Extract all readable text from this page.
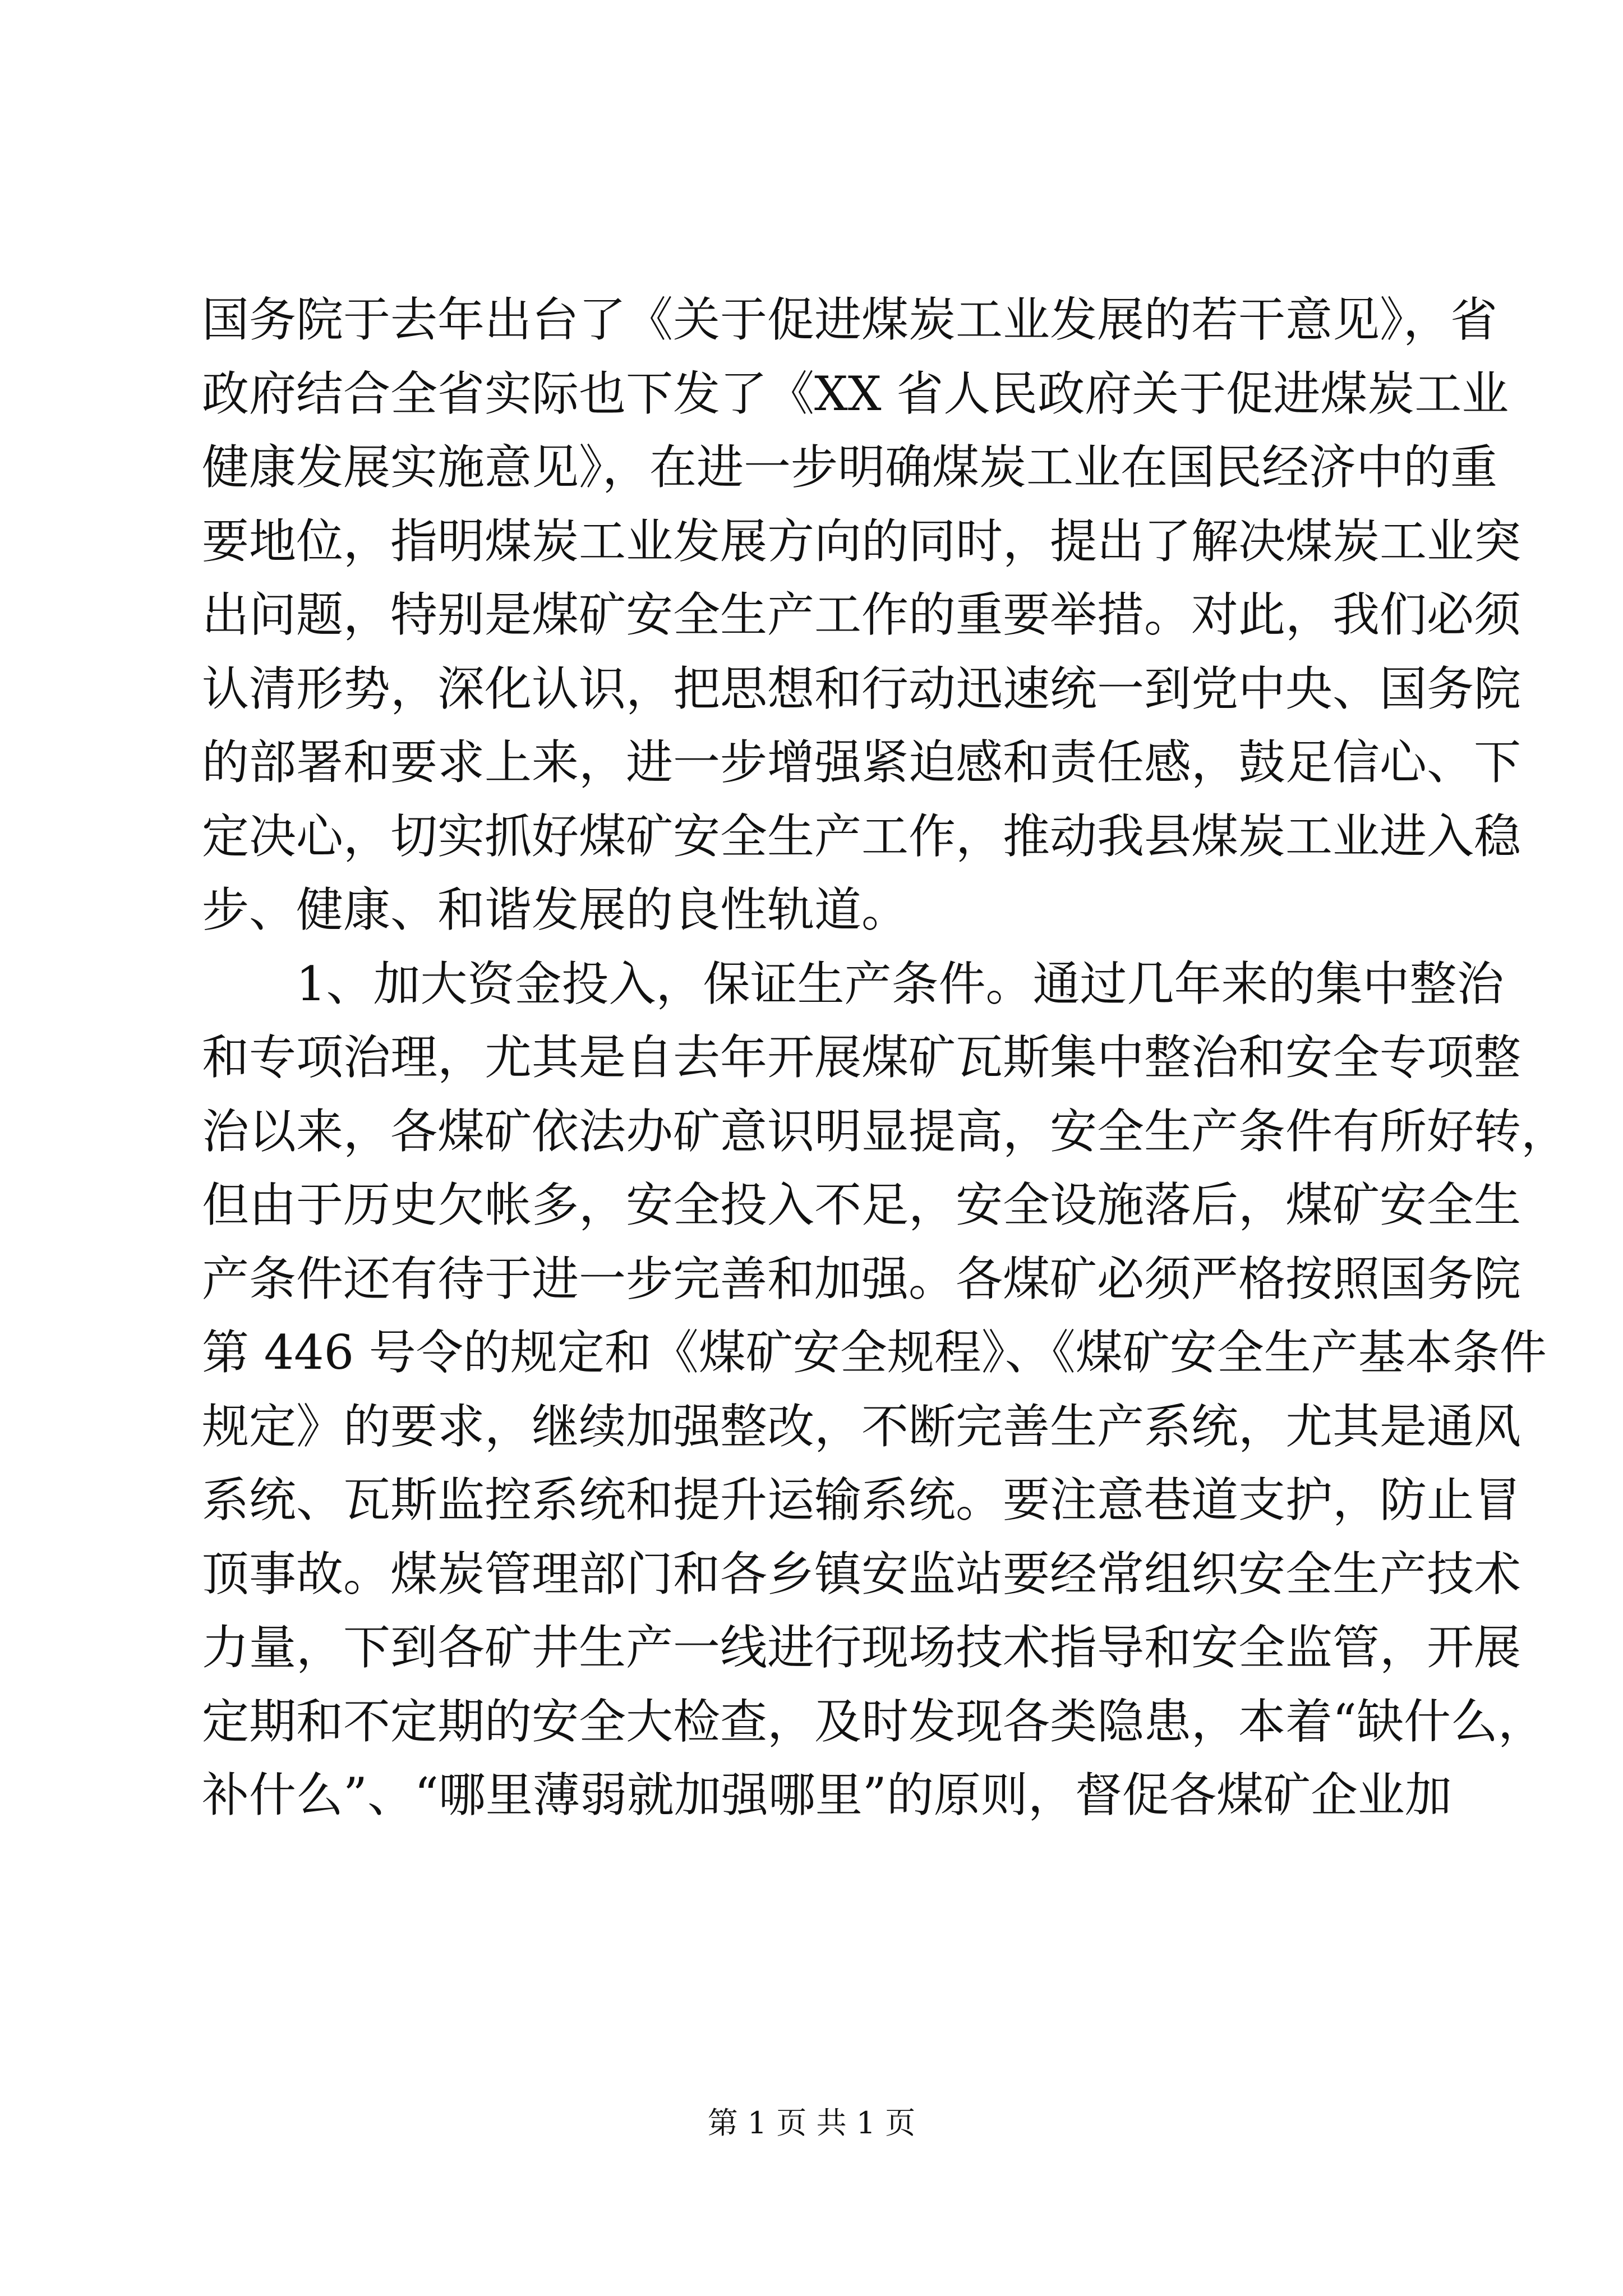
国务院于去年出台了《关于促进煤炭工业发展的若干意见》，省
政府结合全省实际也下发了《XX 省人民政府关于促进煤炭工业
健康发展实施意见》，在进一步明确煤炭工业在国民经济中的重
要地位，指明煤炭工业发展方向的同时，提出了解决煤炭工业突
出问题，特别是煤矿安全生产工作的重要举措。对此，我们必须
认清形势，深化认识，把思想和行动迅速统一到党中央、国务院
的部署和要求上来，进一步增强紧迫感和责任感，鼓足信心、下
定决心，切实抓好煤矿安全生产工作，推动我县煤炭工业进入稳
步、健康、和谐发展的良性轨道。
1、加大资金投入，保证生产条件。通过几年来的集中整治
和专项治理，尤其是自去年开展煤矿瓦斯集中整治和安全专项整
治以来，各煤矿依法办矿意识明显提高，安全生产条件有所好转，
但由于历史欠帐多，安全投入不足，安全设施落后，煤矿安全生
产条件还有待于进一步完善和加强。各煤矿必须严格按照国务院
第 446 号令的规定和《煤矿安全规程》、《煤矿安全生产基本条件
规定》的要求，继续加强整改，不断完善生产系统，尤其是通风
系统、瓦斯监控系统和提升运输系统。要注意巷道支护，防止冒
顶事故。煤炭管理部门和各乡镇安监站要经常组织安全生产技术
力量，下到各矿井生产一线进行现场技术指导和安全监管，开展
定期和不定期的安全大检查，及时发现各类隐患，本着“缺什么，
补什么”、“哪里薄弱就加强哪里”的原则，督促各煤矿企业加
第 1 页 共 1 页
